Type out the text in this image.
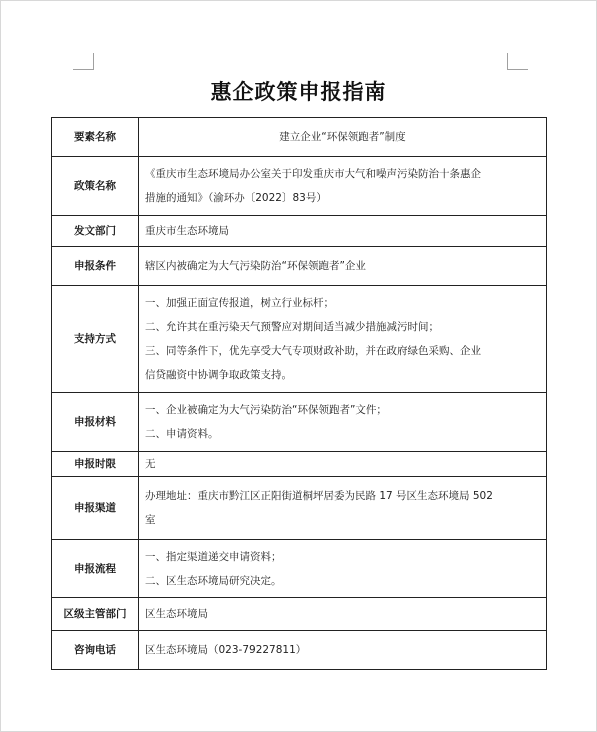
惠企政策申报指南
要素名称	建立企业“环保领跑者”制度
政策名称	《重庆市生态环境局办公室关于印发重庆市大气和噪声污染防治十条惠企
措施的通知》（渝环办〔2022〕83号）

发文部门	重庆市生态环境局

申报条件	辖区内被确定为大气污染防治“环保领跑者”企业

支持方式	一、加强正面宣传报道，树立行业标杆；
二、允许其在重污染天气预警应对期间适当减少措施减污时间；
三、同等条件下，优先享受大气专项财政补助，并在政府绿色采购、企业
信贷融资中协调争取政策支持。

申报材料	一、企业被确定为大气污染防治“环保领跑者”文件；
二、申请资料。

申报时限	无

申报渠道	办理地址：重庆市黔江区正阳街道桐坪居委为民路 17 号区生态环境局 502
室

申报流程	一、指定渠道递交申请资料；
二、区生态环境局研究决定。

区级主管部门	区生态环境局

咨询电话	区生态环境局（023-79227811）
